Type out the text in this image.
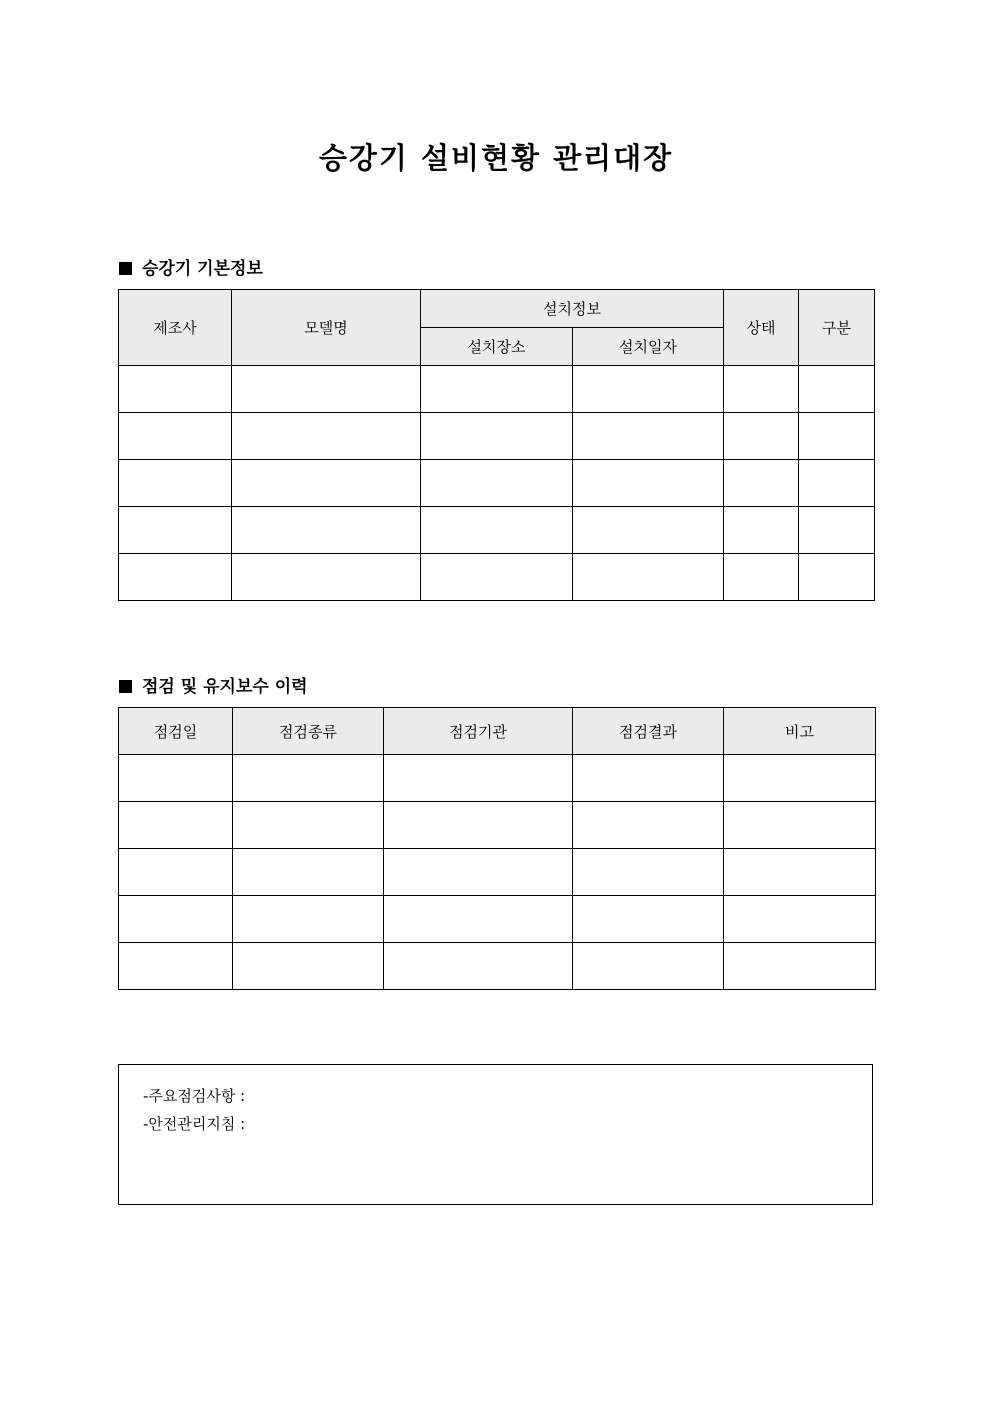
승강기 설비현황 관리대장
승강기 기본정보
제조사	모델명	설치정보		상태	구분
		설치장소	설치일자		

점검 및 유지보수 이력
점검일	점검종류	점검기관	점검결과	비고

-주요점검사항 :
-안전관리지침 :
